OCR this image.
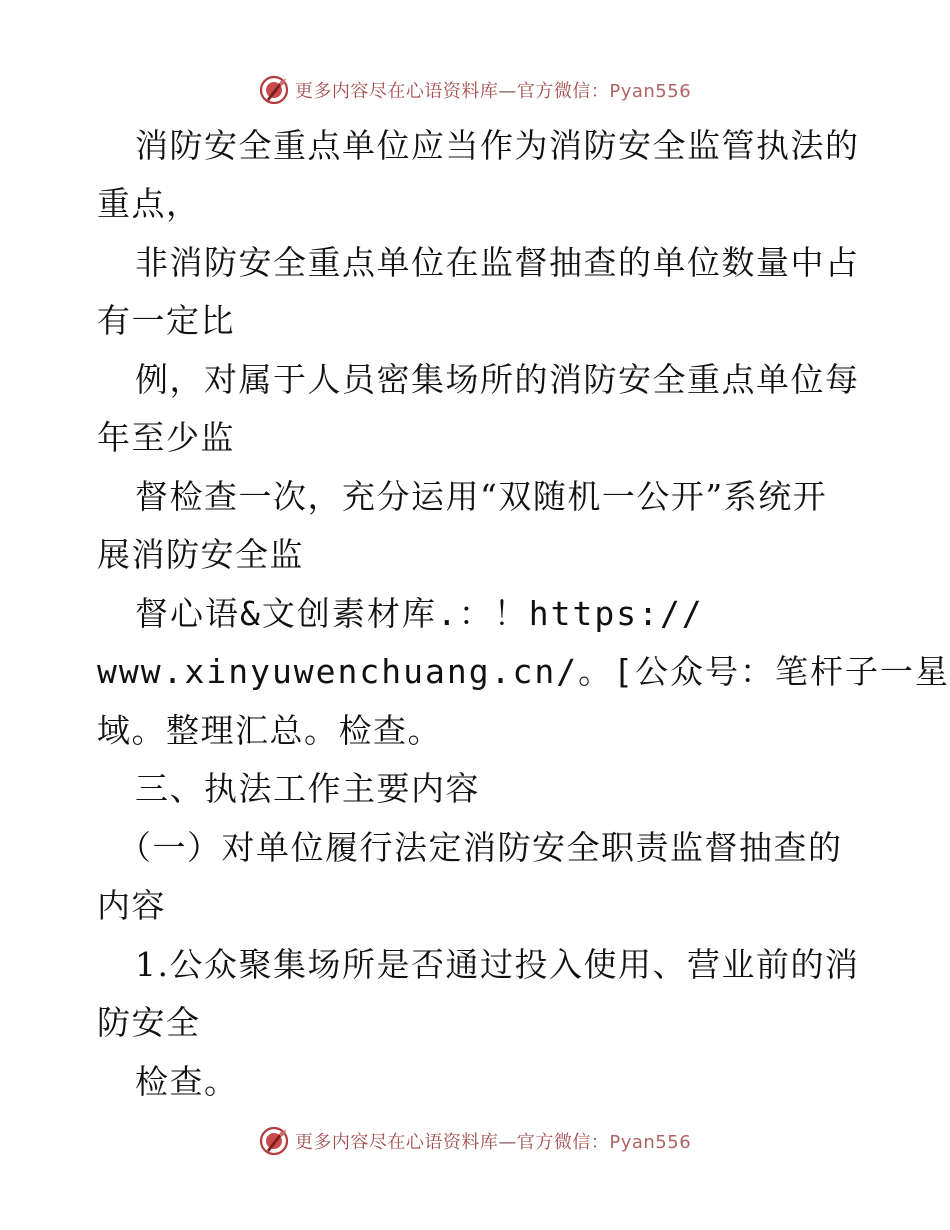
更多内容尽在心语资料库—官方微信：Pyan556
消防安全重点单位应当作为消防安全监管执法的
重点，
非消防安全重点单位在监督抽查的单位数量中占
有一定比
例，对属于人员密集场所的消防安全重点单位每
年至少监
督检查一次，充分运用“双随机一公开”系统开
展消防安全监
督心语&文创素材库.：！https://
www.xinyuwenchuang.cn/。[公众号：笔杆子一星
域。整理汇总。检查。
三、执法工作主要内容
（一）对单位履行法定消防安全职责监督抽查的
内容
1.公众聚集场所是否通过投入使用、营业前的消
防安全
检查。
更多内容尽在心语资料库—官方微信：Pyan556
